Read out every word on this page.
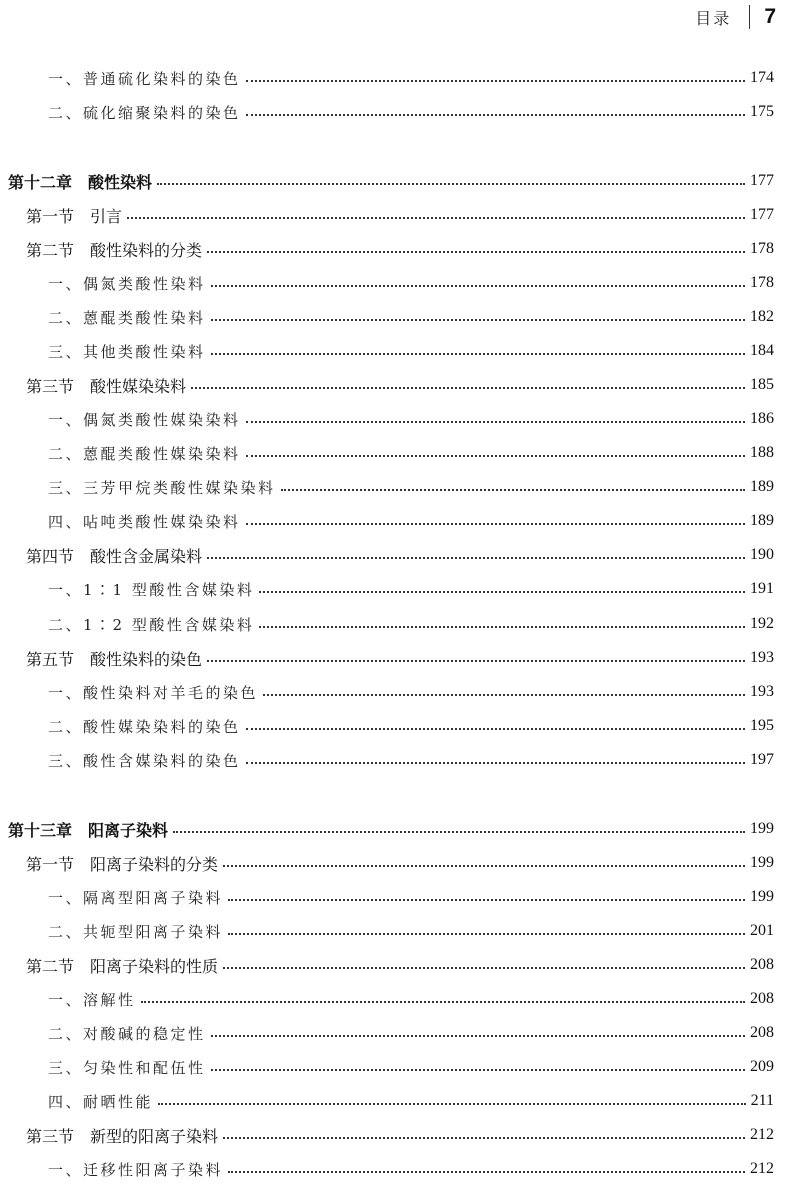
目录 7
一、普通硫化染料的染色	174
二、硫化缩聚染料的染色	175
第十二章　酸性染料	177
第一节　引言	177
第二节　酸性染料的分类	178
一、偶氮类酸性染料	178
二、蒽醌类酸性染料	182
三、其他类酸性染料	184
第三节　酸性媒染染料	185
一、偶氮类酸性媒染染料	186
二、蒽醌类酸性媒染染料	188
三、三芳甲烷类酸性媒染染料	189
四、呫吨类酸性媒染染料	189
第四节　酸性含金属染料	190
一、1∶1 型酸性含媒染料	191
二、1∶2 型酸性含媒染料	192
第五节　酸性染料的染色	193
一、酸性染料对羊毛的染色	193
二、酸性媒染染料的染色	195
三、酸性含媒染料的染色	197
第十三章　阳离子染料	199
第一节　阳离子染料的分类	199
一、隔离型阳离子染料	199
二、共轭型阳离子染料	201
第二节　阳离子染料的性质	208
一、溶解性	208
二、对酸碱的稳定性	208
三、匀染性和配伍性	209
四、耐晒性能	211
第三节　新型的阳离子染料	212
一、迁移性阳离子染料	212
